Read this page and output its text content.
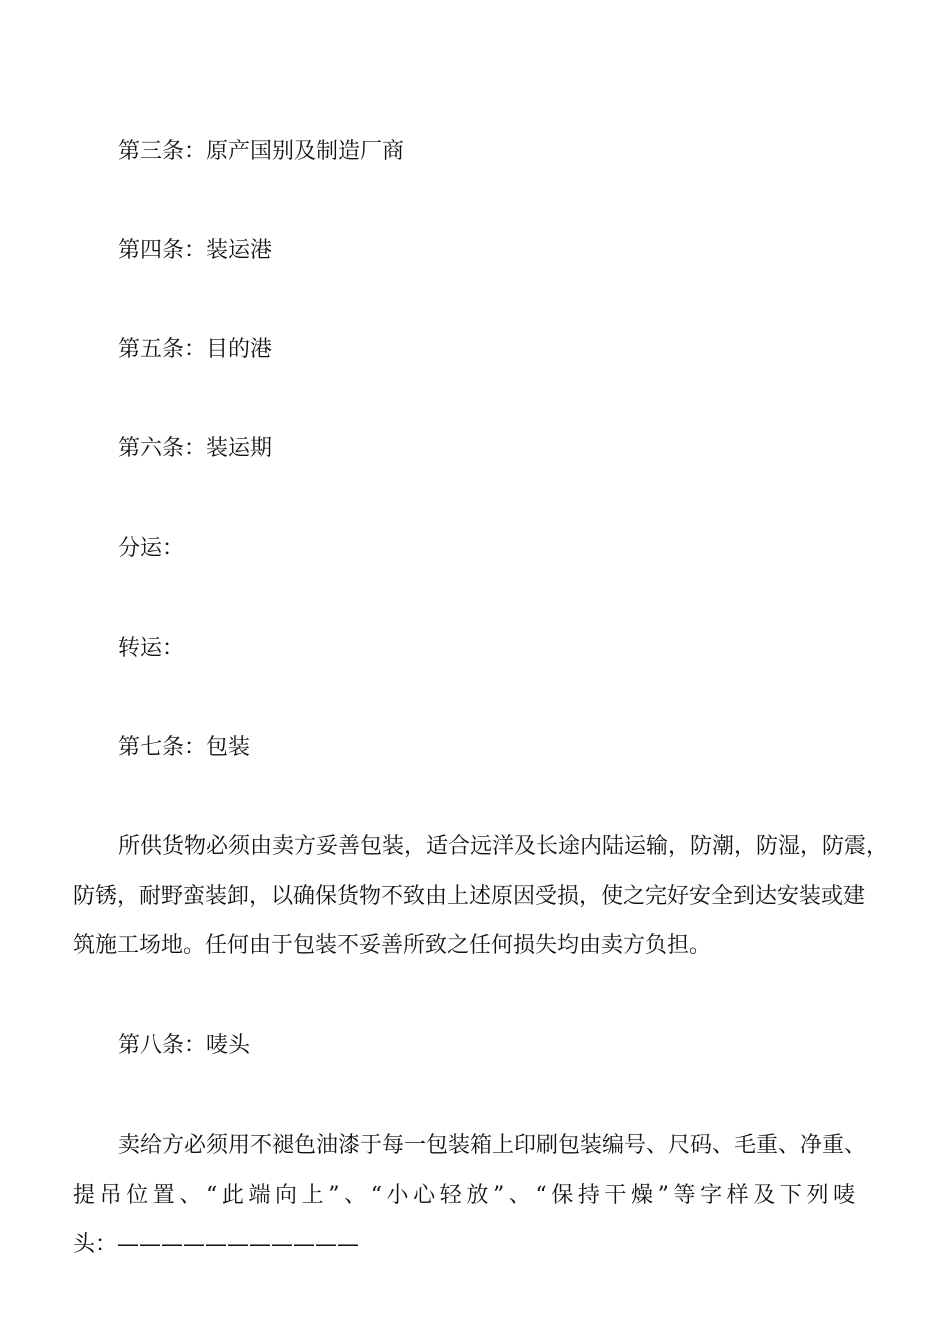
第三条：原产国别及制造厂商
第四条：装运港
第五条：目的港
第六条：装运期
分运：
转运：
第七条：包装
所供货物必须由卖方妥善包装，适合远洋及长途内陆运输，防潮，防湿，防震，
防锈，耐野蛮装卸，以确保货物不致由上述原因受损，使之完好安全到达安装或建
筑施工场地。任何由于包装不妥善所致之任何损失均由卖方负担。
第八条：唛头
卖给方必须用不褪色油漆于每一包装箱上印刷包装编号、尺码、毛重、净重、
提吊位置、“此端向上”、“小心轻放”、“保持干燥”等字样及下列唛
头：———————————
